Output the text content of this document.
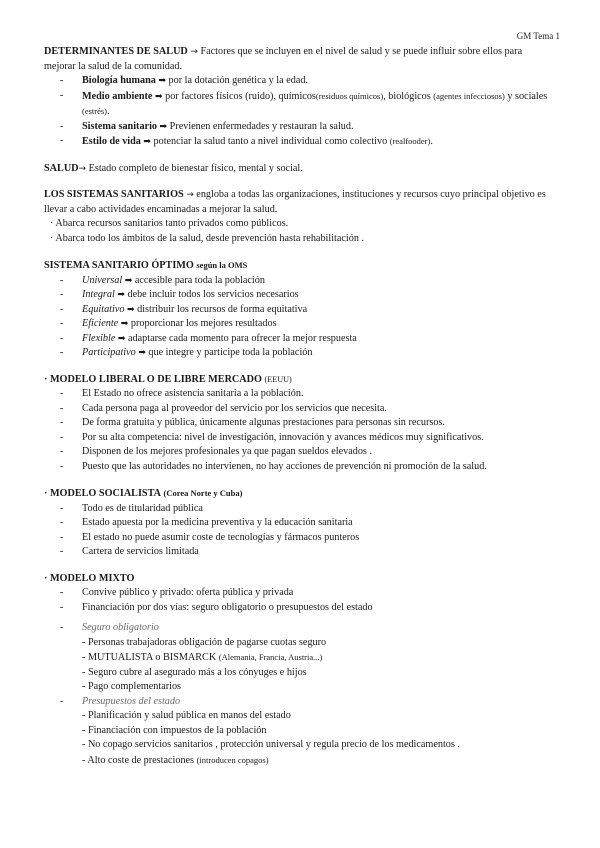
GM Tema 1
DETERMINANTES DE SALUD → Factores que se incluyen en el nivel de salud y se puede influir sobre ellos para mejorar la salud de la comunidad.
- Biología humana ➡ por la dotación genética y la edad.
- Medio ambiente ➡ por factores físicos (ruido), químicos(residuos químicos), biológicos (agentes infecciosos) y sociales (estrés).
- Sistema sanitario ➡ Previenen enfermedades y restauran la salud.
- Estilo de vida ➡ potenciar la salud tanto a nivel individual como colectivo (realfooder).
SALUD→ Estado completo de bienestar físico, mental y social.
LOS SISTEMAS SANITARIOS → engloba a todas las organizaciones, instituciones y recursos cuyo principal objetivo es llevar a cabo actividades encaminadas a mejorar la salud.
· Abarca recursos sanitarios tanto privados como públicos.
· Abarca todo los ámbitos de la salud, desde prevención hasta rehabilitación .
SISTEMA SANITARIO ÓPTIMO según la OMS
- Universal ➡ accesible para toda la población
- Integral ➡ debe incluir todos los servicios necesarios
- Equitativo ➡ distribuir los recursos de forma equitativa
- Eficiente ➡ proporcionar los mejores resultados
- Flexible ➡ adaptarse cada momento para ofrecer la mejor respuesta
- Participativo ➡ que integre y participe toda la población
· MODELO LIBERAL O DE LIBRE MERCADO (EEUU)
- El Estado no ofrece asistencia sanitaria a la población.
- Cada persona paga al proveedor del servicio por los servicios que necesita.
- De forma gratuita y pública, únicamente algunas prestaciones para personas sin recursos.
- Por su alta competencia: nivel de investigación, innovación y avances médicos muy significativos.
- Disponen de los mejores profesionales ya que pagan sueldos elevados .
- Puesto que las autoridades no intervienen, no hay acciones de prevención ni promoción de la salud.
· MODELO SOCIALISTA (Corea Norte y Cuba)
- Todo es de titularidad pública
- Estado apuesta por la medicina preventiva y la educación sanitaria
- El estado no puede asumir coste de tecnologías y fármacos punteros
- Cartera de servicios limitada
· MODELO MIXTO
- Convive público y privado: oferta pública y privada
- Financiación por dos vías: seguro obligatorio o presupuestos del estado
- Seguro obligatorio
- Personas trabajadoras obligación de pagarse cuotas seguro
- MUTUALISTA o BISMARCK (Alemania, Francia, Austria...)
- Seguro cubre al asegurado más a los cónyuges e hijos
- Pago complementarios
- Presupuestos del estado
- Planificación y salud pública en manos del estado
- Financiación con impuestos de la población
- No copago servicios sanitarios , protección universal y regula precio de los medicamentos .
- Alto coste de prestaciones (introducen copagos)
